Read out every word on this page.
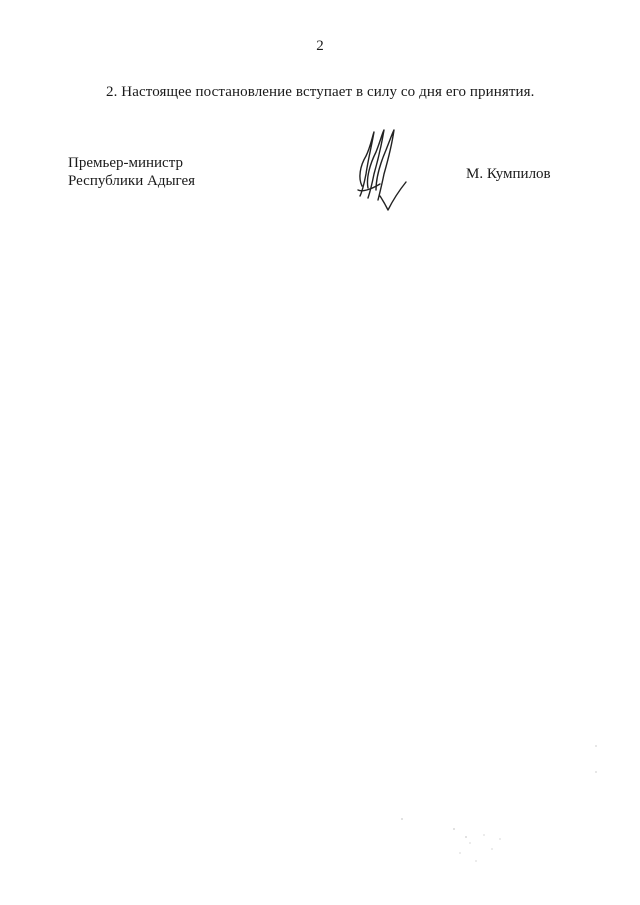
2
2. Настоящее постановление вступает в силу со дня его принятия.
Премьер-министр
Республики Адыгея	М. Кумпилов
